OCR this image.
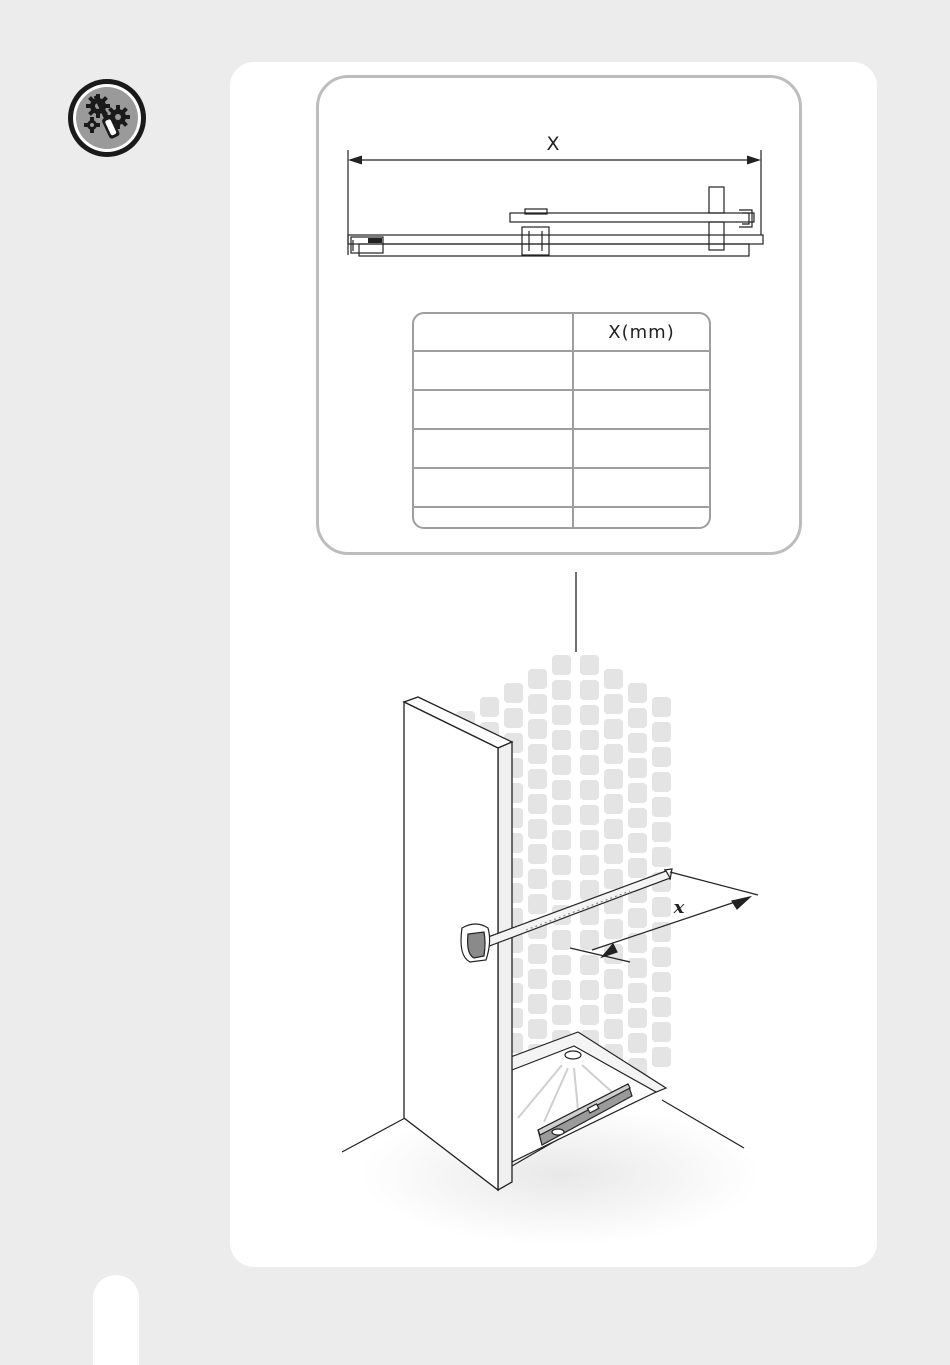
X
	X(mm)

x
